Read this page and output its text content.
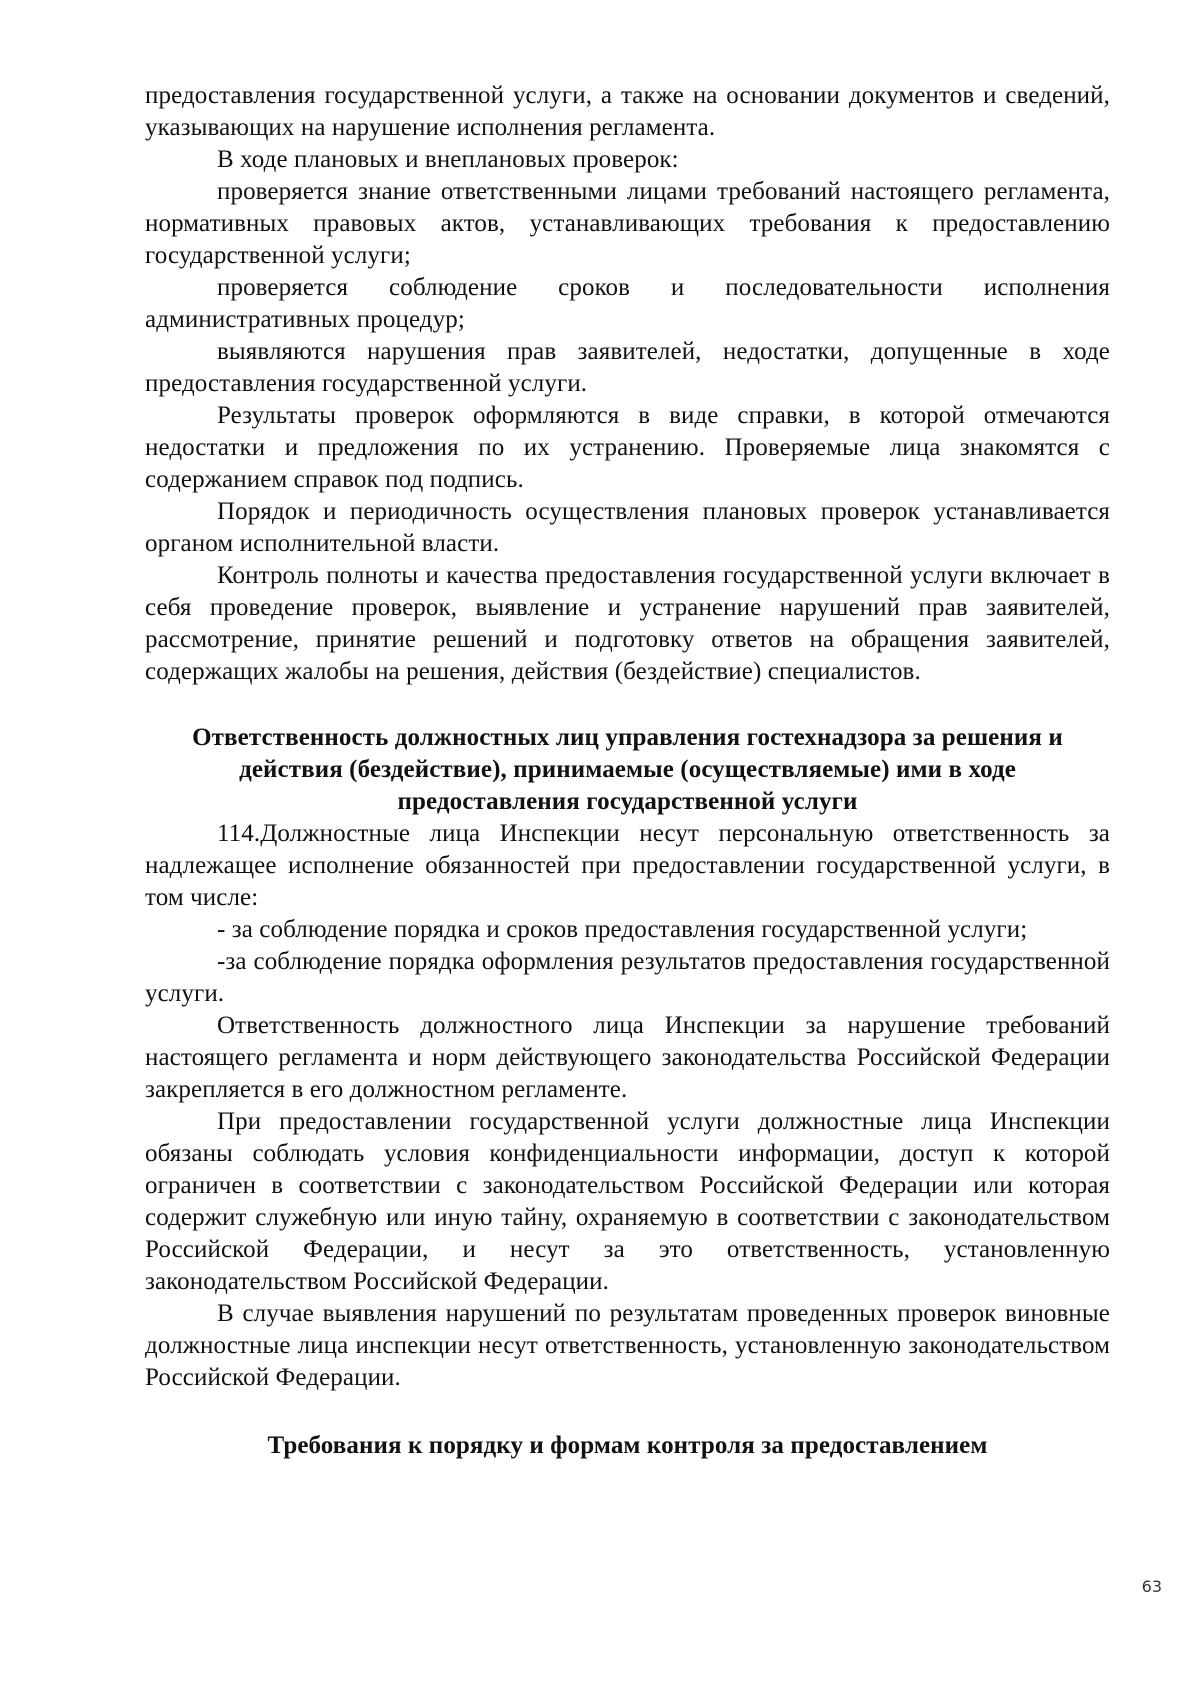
предоставления государственной услуги, а также на основании документов и сведений, указывающих на нарушение исполнения регламента.

В ходе плановых и внеплановых проверок:

проверяется знание ответственными лицами требований настоящего регламента, нормативных правовых актов, устанавливающих требования к предоставлению государственной услуги;

проверяется соблюдение сроков и последовательности исполнения административных процедур;

выявляются нарушения прав заявителей, недостатки, допущенные в ходе предоставления государственной услуги.

Результаты проверок оформляются в виде справки, в которой отмечаются недостатки и предложения по их устранению. Проверяемые лица знакомятся с содержанием справок под подпись.

Порядок и периодичность осуществления плановых проверок устанавливается органом исполнительной власти.

Контроль полноты и качества предоставления государственной услуги включает в себя проведение проверок, выявление и устранение нарушений прав заявителей, рассмотрение, принятие решений и подготовку ответов на обращения заявителей, содержащих жалобы на решения, действия (бездействие) специалистов.

Ответственность должностных лиц управления гостехнадзора за решения и действия (бездействие), принимаемые (осуществляемые) ими в ходе предоставления государственной услуги

114.Должностные лица Инспекции несут персональную ответственность за надлежащее исполнение обязанностей при предоставлении государственной услуги, в том числе:

- за соблюдение порядка и сроков предоставления государственной услуги;

-за соблюдение порядка оформления результатов предоставления государственной услуги.

Ответственность должностного лица Инспекции за нарушение требований настоящего регламента и норм действующего законодательства Российской Федерации закрепляется в его должностном регламенте.

При предоставлении государственной услуги должностные лица Инспекции обязаны соблюдать условия конфиденциальности информации, доступ к которой ограничен в соответствии с законодательством Российской Федерации или которая содержит служебную или иную тайну, охраняемую в соответствии с законодательством Российской Федерации, и несут за это ответственность, установленную законодательством Российской Федерации.

В случае выявления нарушений по результатам проведенных проверок виновные должностные лица инспекции несут ответственность, установленную законодательством Российской Федерации.

Требования к порядку и формам контроля за предоставлением
63
